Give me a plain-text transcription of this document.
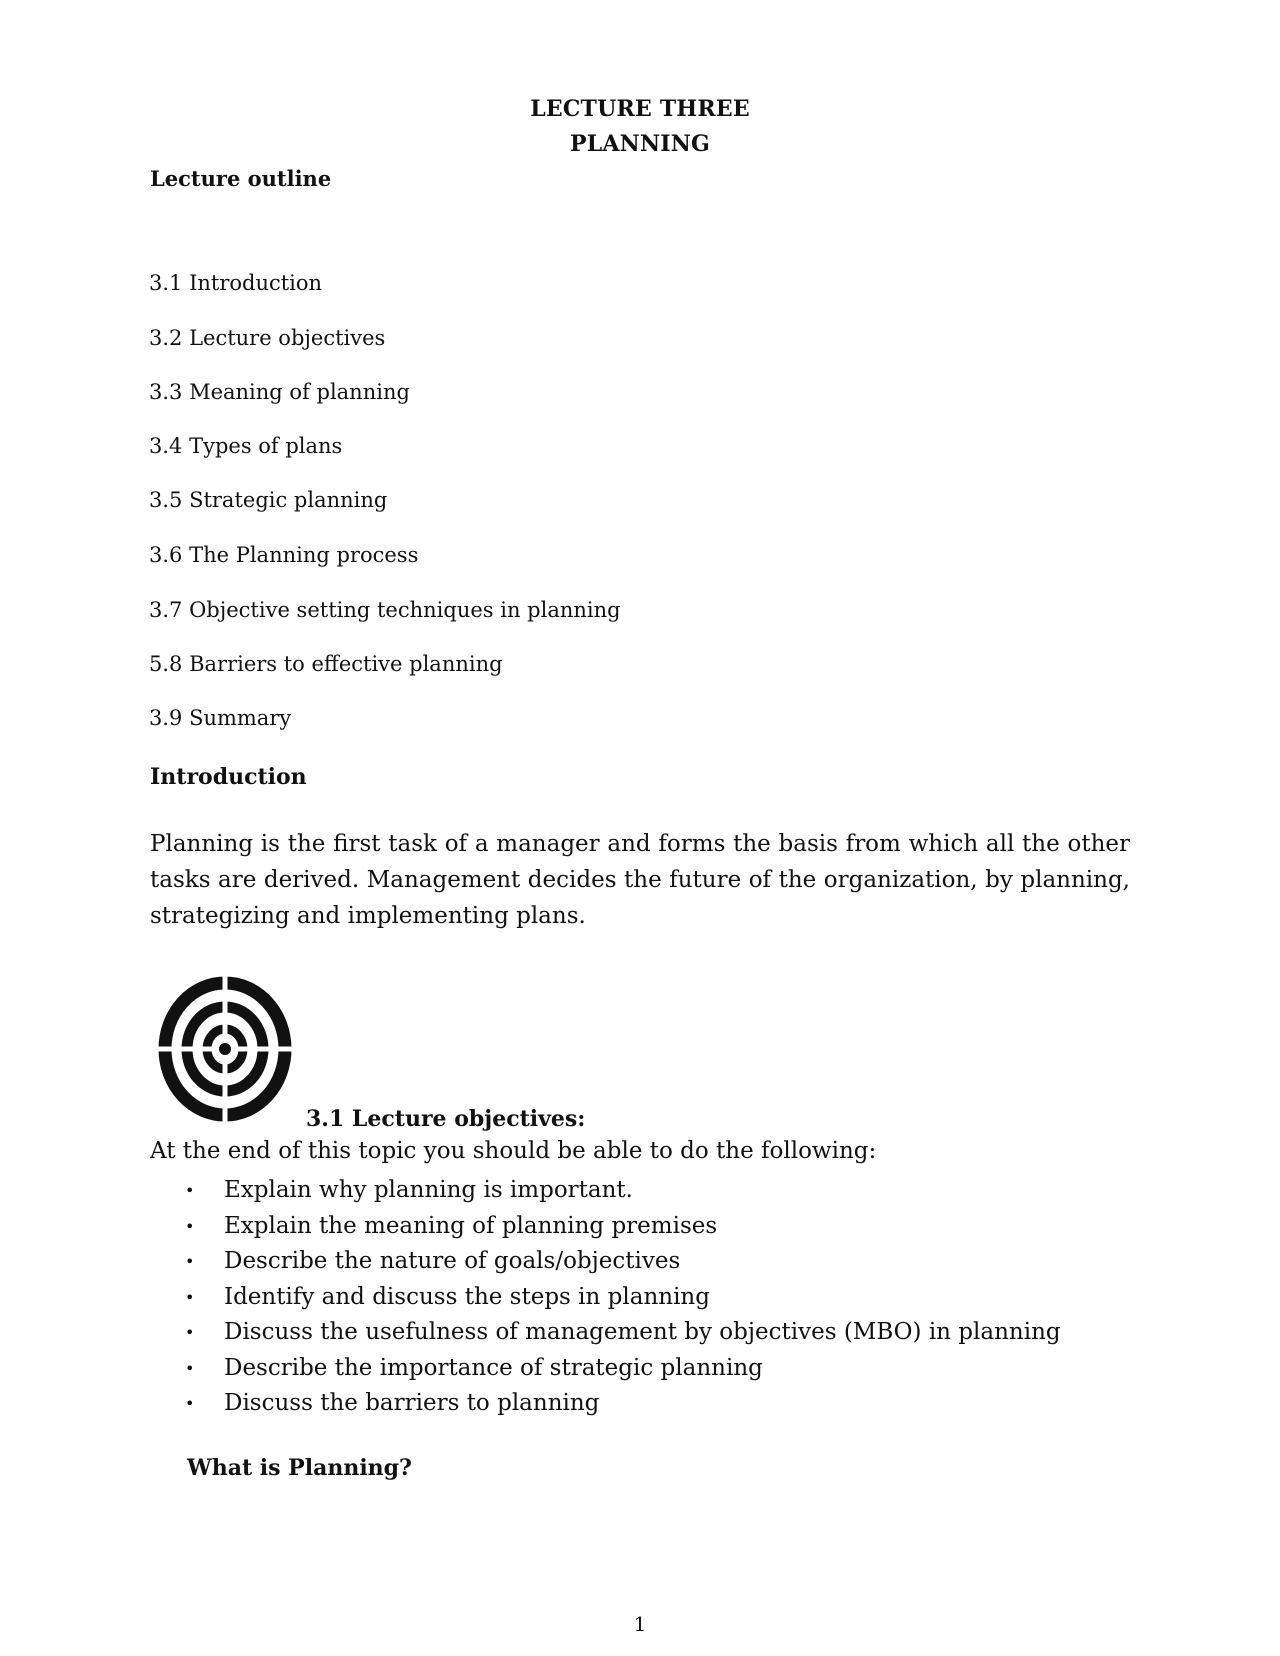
LECTURE THREE
PLANNING
Lecture outline
3.1 Introduction
3.2 Lecture objectives
3.3 Meaning of planning
3.4 Types of plans
3.5 Strategic planning
3.6 The Planning process
3.7 Objective setting techniques in planning
5.8 Barriers to effective planning
3.9 Summary
Introduction
Planning is the first task of a manager and forms the basis from which all the other tasks are derived. Management decides the future of the organization, by planning, strategizing and implementing plans.
3.1 Lecture objectives:
At the end of this topic you should be able to do the following:
• Explain why planning is important.
• Explain the meaning of planning premises
• Describe the nature of goals/objectives
• Identify and discuss the steps in planning
• Discuss the usefulness of management by objectives (MBO) in planning
• Describe the importance of strategic planning
• Discuss the barriers to planning
What is Planning?
1
